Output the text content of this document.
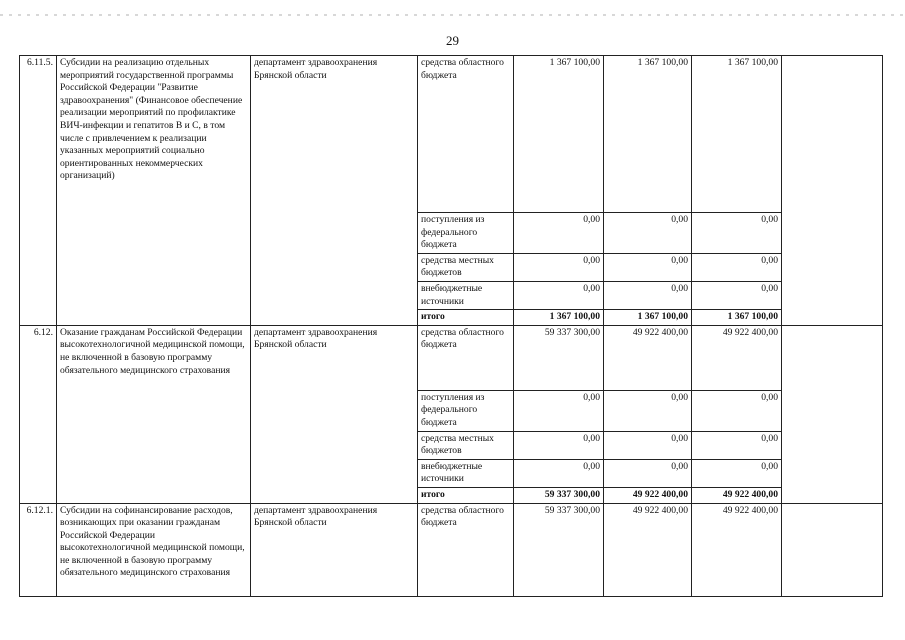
29
6.11.5.	Субсидии на реализацию отдельных мероприятий государственной программы Российской Федерации "Развитие здравоохранения" (Финансовое обеспечение реализации мероприятий по профилактике ВИЧ-инфекции и гепатитов В и С, в том числе с привлечением к реализации указанных мероприятий социально ориентированных некоммерческих организаций)	департамент здравоохранения Брянской области	средства областного бюджета	1 367 100,00	1 367 100,00	1 367 100,00	
			поступления из федерального бюджета	0,00	0,00	0,00	
			средства местных бюджетов	0,00	0,00	0,00	
			внебюджетные источники	0,00	0,00	0,00	
			итого	1 367 100,00	1 367 100,00	1 367 100,00	
6.12.	Оказание гражданам Российской Федерации высокотехнологичной медицинской помощи, не включенной в базовую программу обязательного медицинского страхования	департамент здравоохранения Брянской области	средства областного бюджета	59 337 300,00	49 922 400,00	49 922 400,00	
			поступления из федерального бюджета	0,00	0,00	0,00	
			средства местных бюджетов	0,00	0,00	0,00	
			внебюджетные источники	0,00	0,00	0,00	
			итого	59 337 300,00	49 922 400,00	49 922 400,00	
6.12.1.	Субсидии на софинансирование расходов, возникающих при оказании гражданам Российской Федерации высокотехнологичной медицинской помощи, не включенной в базовую программу обязательного медицинского страхования	департамент здравоохранения Брянской области	средства областного бюджета	59 337 300,00	49 922 400,00	49 922 400,00	
